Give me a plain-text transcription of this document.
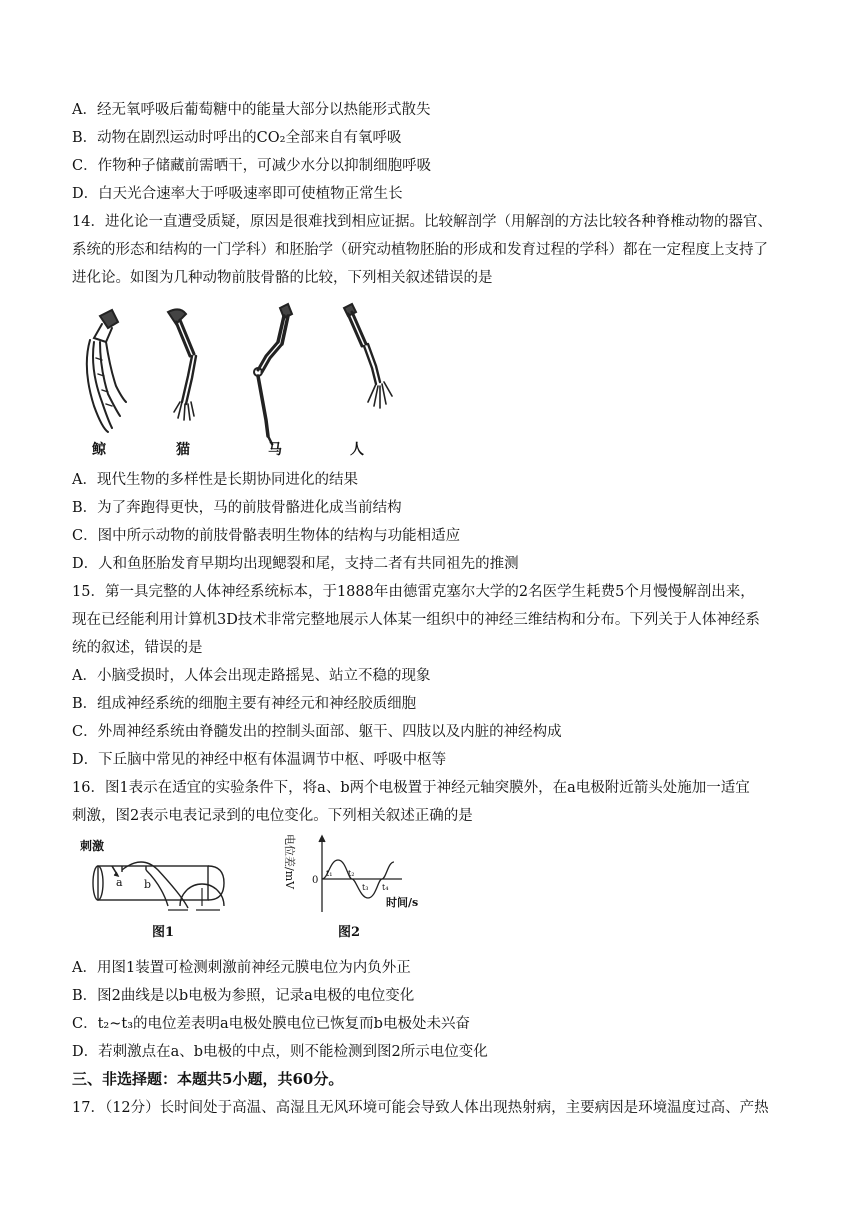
A．经无氧呼吸后葡萄糖中的能量大部分以热能形式散失
B．动物在剧烈运动时呼出的CO₂全部来自有氧呼吸
C．作物种子储藏前需晒干，可减少水分以抑制细胞呼吸
D．白天光合速率大于呼吸速率即可使植物正常生长
14．进化论一直遭受质疑，原因是很难找到相应证据。比较解剖学（用解剖的方法比较各种脊椎动物的器官、
系统的形态和结构的一门学科）和胚胎学（研究动植物胚胎的形成和发育过程的学科）都在一定程度上支持了
进化论。如图为几种动物前肢骨骼的比较，下列相关叙述错误的是
鲸	猫	马	人
A．现代生物的多样性是长期协同进化的结果
B．为了奔跑得更快，马的前肢骨骼进化成当前结构
C．图中所示动物的前肢骨骼表明生物体的结构与功能相适应
D．人和鱼胚胎发育早期均出现鳃裂和尾，支持二者有共同祖先的推测
15．第一具完整的人体神经系统标本，于1888年由德雷克塞尔大学的2名医学生耗费5个月慢慢解剖出来，
现在已经能利用计算机3D技术非常完整地展示人体某一组织中的神经三维结构和分布。下列关于人体神经系
统的叙述，错误的是
A．小脑受损时，人体会出现走路摇晃、站立不稳的现象
B．组成神经系统的细胞主要有神经元和神经胶质细胞
C．外周神经系统由脊髓发出的控制头面部、躯干、四肢以及内脏的神经构成
D．下丘脑中常见的神经中枢有体温调节中枢、呼吸中枢等
16．图1表示在适宜的实验条件下，将a、b两个电极置于神经元轴突膜外，在a电极附近箭头处施加一适宜
刺激，图2表示电表记录到的电位变化。下列相关叙述正确的是
刺激
a b
图1
电位差/mV 0
t₁ t₂
t₃ t₄
时间/s
图2
A．用图1装置可检测刺激前神经元膜电位为内负外正
B．图2曲线是以b电极为参照，记录a电极的电位变化
C．t₂~t₃的电位差表明a电极处膜电位已恢复而b电极处未兴奋
D．若刺激点在a、b电极的中点，则不能检测到图2所示电位变化
三、非选择题：本题共5小题，共60分。
17．（12分）长时间处于高温、高湿且无风环境可能会导致人体出现热射病，主要病因是环境温度过高、产热
